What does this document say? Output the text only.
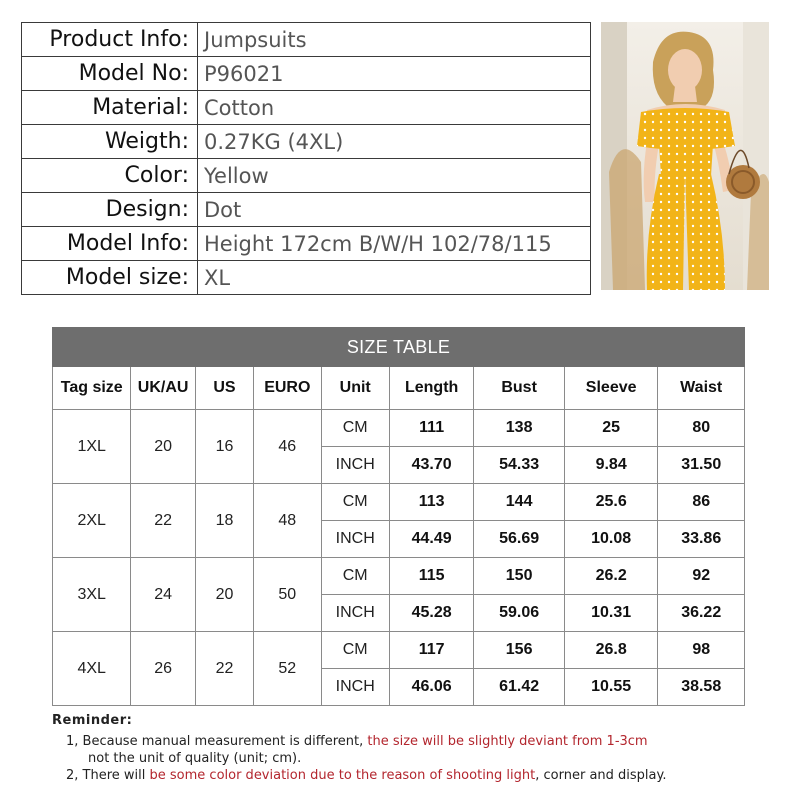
Product Info:	Jumpsuits
Model No:	P96021
Material:	Cotton
Weigth:	0.27KG (4XL)
Color:	Yellow
Design:	Dot
Model Info:	Height 172cm B/W/H 102/78/115
Model size:	XL
SIZE TABLE								
Tag size	UK/AU	US	EURO	Unit	Length	Bust	Sleeve	Waist
1XL	20	16	46	CM	111	138	25	80
				INCH	43.70	54.33	9.84	31.50
2XL	22	18	48	CM	113	144	25.6	86
				INCH	44.49	56.69	10.08	33.86
3XL	24	20	50	CM	115	150	26.2	92
				INCH	45.28	59.06	10.31	36.22
4XL	26	22	52	CM	117	156	26.8	98
				INCH	46.06	61.42	10.55	38.58
Reminder:
1, Because manual measurement is different, the size will be slightly deviant from 1-3cm
not the unit of quality (unit; cm).
2, There will be some color deviation due to the reason of shooting light, corner and display.
